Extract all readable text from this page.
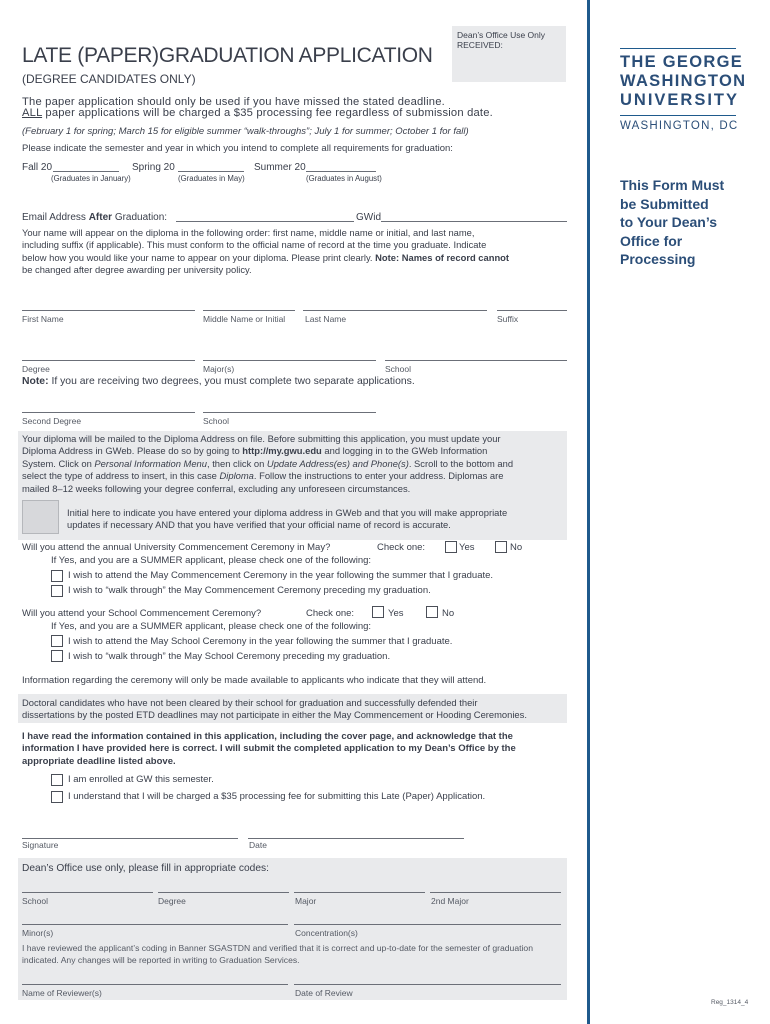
THE GEORGE
WASHINGTON
UNIVERSITY
WASHINGTON, DC
This Form Must
be Submitted
to Your Dean’s
Office for
Processing
Dean’s Office Use Only
RECEIVED:
LATE (PAPER)GRADUATION APPLICATION
(DEGREE CANDIDATES ONLY)
The paper application should only be used if you have missed the stated deadline.
ALL paper applications will be charged a $35 processing fee regardless of submission date.
(February 1 for spring; March 15 for eligible summer “walk-throughs”; July 1 for summer; October 1 for fall)
Please indicate the semester and year in which you intend to complete all requirements for graduation:
Fall 20
(Graduates in January)
Spring 20
(Graduates in May)
Summer 20
(Graduates in August)
Email Address After Graduation:	GWid
Your name will appear on the diploma in the following order: first name, middle name or initial, and last name,
including suffix (if applicable). This must conform to the official name of record at the time you graduate. Indicate
below how you would like your name to appear on your diploma. Please print clearly. Note: Names of record cannot
be changed after degree awarding per university policy.
First Name	Middle Name or Initial Last Name	Suffix
Degree	Major(s)	School
Note: If you are receiving two degrees, you must complete two separate applications.
Second Degree	School
Your diploma will be mailed to the Diploma Address on file. Before submitting this application, you must update your
Diploma Address in GWeb. Please do so by going to http://my.gwu.edu and logging in to the GWeb Information
System. Click on Personal Information Menu, then click on Update Address(es) and Phone(s). Scroll to the bottom and
select the type of address to insert, in this case Diploma. Follow the instructions to enter your address. Diplomas are
mailed 8–12 weeks following your degree conferral, excluding any unforeseen circumstances.
Initial here to indicate you have entered your diploma address in GWeb and that you will make appropriate
updates if necessary AND that you have verified that your official name of record is accurate.
Will you attend the annual University Commencement Ceremony in May?	Check one:	Yes	No
If Yes, and you are a SUMMER applicant, please check one of the following:
I wish to attend the May Commencement Ceremony in the year following the summer that I graduate.
I wish to “walk through” the May Commencement Ceremony preceding my graduation.
Will you attend your School Commencement Ceremony?	Check one:	Yes	No
If Yes, and you are a SUMMER applicant, please check one of the following:
I wish to attend the May School Ceremony in the year following the summer that I graduate.
I wish to “walk through” the May School Ceremony preceding my graduation.
Information regarding the ceremony will only be made available to applicants who indicate that they will attend.
Doctoral candidates who have not been cleared by their school for graduation and successfully defended their
dissertations by the posted ETD deadlines may not participate in either the May Commencement or Hooding Ceremonies.
I have read the information contained in this application, including the cover page, and acknowledge that the
information I have provided here is correct. I will submit the completed application to my Dean’s Office by the
appropriate deadline listed above.
I am enrolled at GW this semester.
I understand that I will be charged a $35 processing fee for submitting this Late (Paper) Application.
Signature	Date
Dean’s Office use only, please fill in appropriate codes:
School	Degree	Major	2nd Major
Minor(s)	Concentration(s)
I have reviewed the applicant’s coding in Banner SGASTDN and verified that it is correct and up-to-date for the semester of graduation
indicated. Any changes will be reported in writing to Graduation Services.
Name of Reviewer(s)	Date of Review
Reg_1314_4
